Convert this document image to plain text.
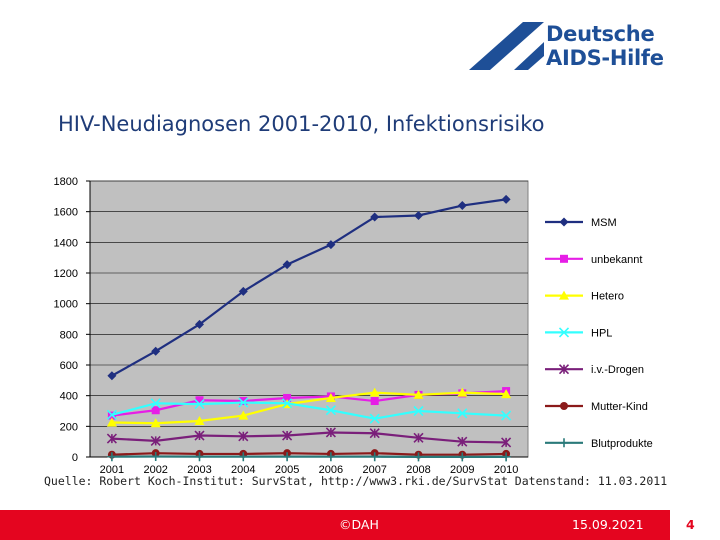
Deutsche
AIDS-Hilfe
HIV-Neudiagnosen 2001-2010, Infektionsrisiko
0
200
400
600
800
1000
1200
1400
1600
1800
2001 2002 2003 2004 2005 2006 2007 2008 2009 2010
MSM
unbekannt
Hetero
HPL
i.v.-Drogen
Mutter-Kind
Blutprodukte
Quelle: Robert Koch-Institut: SurvStat, http://www3.rki.de/SurvStat Datenstand: 11.03.2011
©DAH	15.09.2021	4
